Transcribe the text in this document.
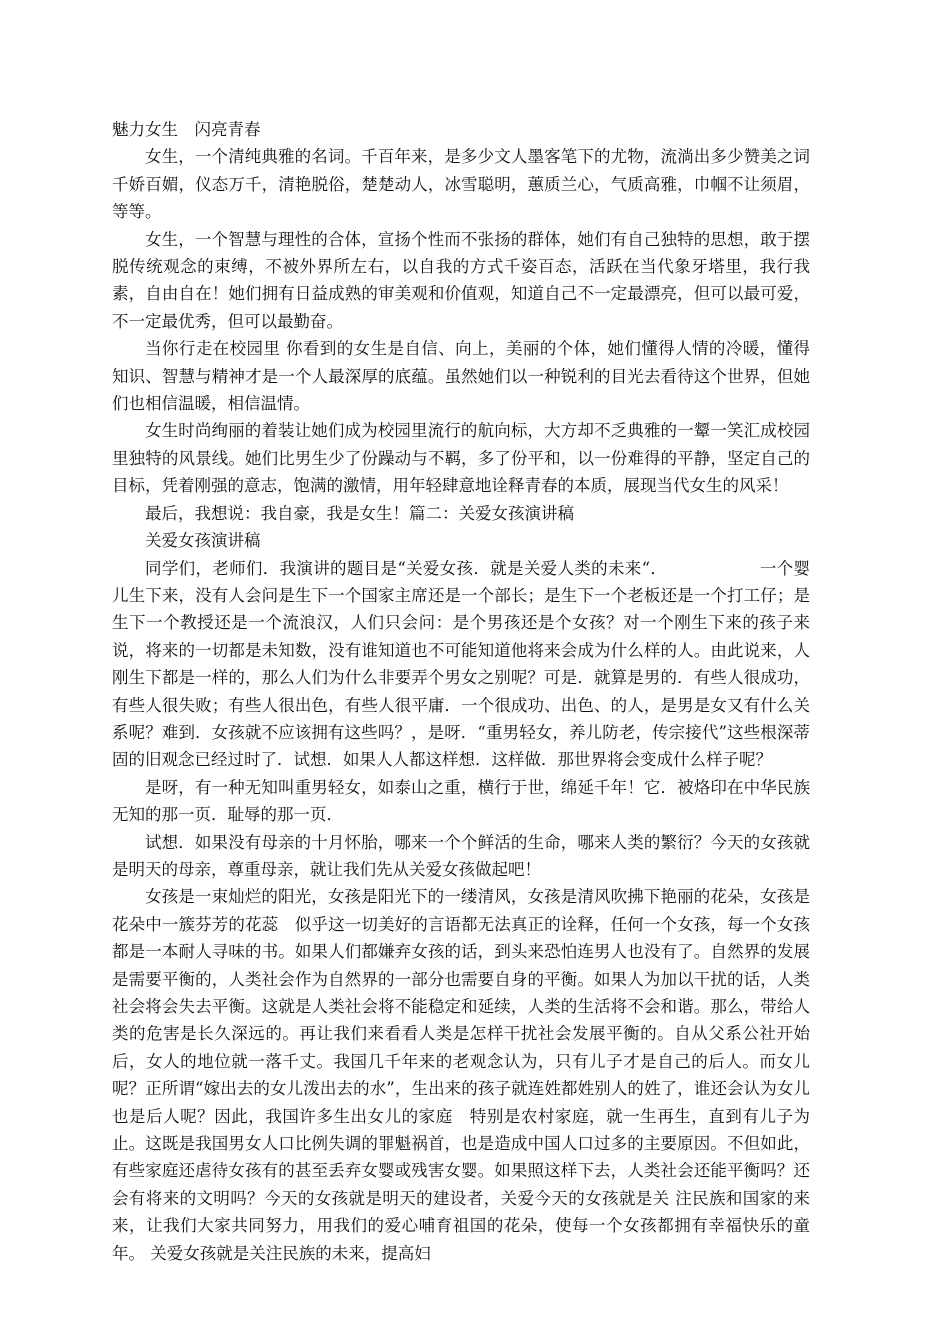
魅力女生　闪亮青春

女生，一个清纯典雅的名词。千百年来，是多少文人墨客笔下的尤物，流淌出多少赞美之词 千娇百媚，仪态万千，清艳脱俗，楚楚动人，冰雪聪明，蕙质兰心，气质高雅，巾帼不让须眉，等等。

女生，一个智慧与理性的合体，宣扬个性而不张扬的群体，她们有自己独特的思想，敢于摆脱传统观念的束缚，不被外界所左右，以自我的方式千姿百态，活跃在当代象牙塔里，我行我素，自由自在！她们拥有日益成熟的审美观和价值观，知道自己不一定最漂亮，但可以最可爱，不一定最优秀，但可以最勤奋。

当你行走在校园里 你看到的女生是自信、向上，美丽的个体，她们懂得人情的冷暖，懂得知识、智慧与精神才是一个人最深厚的底蕴。虽然她们以一种锐利的目光去看待这个世界，但她们也相信温暖，相信温情。

女生时尚绚丽的着装让她们成为校园里流行的航向标，大方却不乏典雅的一颦一笑汇成校园里独特的风景线。她们比男生少了份躁动与不羁，多了份平和，以一份难得的平静，坚定自己的目标，凭着刚强的意志，饱满的激情，用年轻肆意地诠释青春的本质，展现当代女生的风采！

最后，我想说：我自豪，我是女生！篇二：关爱女孩演讲稿

关爱女孩演讲稿

同学们，老师们．我演讲的题目是“关爱女孩．就是关爱人类的未来“．　　　　　　一个婴儿生下来，没有人会问是生下一个国家主席还是一个部长；是生下一个老板还是一个打工仔；是生下一个教授还是一个流浪汉，人们只会问：是个男孩还是个女孩？对一个刚生下来的孩子来说，将来的一切都是未知数，没有谁知道也不可能知道他将来会成为什么样的人。由此说来，人刚生下都是一样的，那么人们为什么非要弄个男女之别呢？可是．就算是男的．有些人很成功，有些人很失败；有些人很出色，有些人很平庸．一个很成功、出色、的人，是男是女又有什么关系呢？难到．女孩就不应该拥有这些吗？，是呀．“重男轻女，养儿防老，传宗接代”这些根深蒂固的旧观念已经过时了．试想．如果人人都这样想．这样做．那世界将会变成什么样子呢？

是呀，有一种无知叫重男轻女，如泰山之重，横行于世，绵延千年！它．被烙印在中华民族无知的那一页．耻辱的那一页．

试想．如果没有母亲的十月怀胎，哪来一个个鲜活的生命，哪来人类的繁衍？今天的女孩就是明天的母亲，尊重母亲，就让我们先从关爱女孩做起吧！

女孩是一束灿烂的阳光，女孩是阳光下的一缕清风，女孩是清风吹拂下艳丽的花朵，女孩是花朵中一簇芬芳的花蕊　似乎这一切美好的言语都无法真正的诠释，任何一个女孩，每一个女孩都是一本耐人寻味的书。如果人们都嫌弃女孩的话，到头来恐怕连男人也没有了。自然界的发展是需要平衡的，人类社会作为自然界的一部分也需要自身的平衡。如果人为加以干扰的话，人类社会将会失去平衡。这就是人类社会将不能稳定和延续，人类的生活将不会和谐。那么，带给人类的危害是长久深远的。再让我们来看看人类是怎样干扰社会发展平衡的。自从父系公社开始后，女人的地位就一落千丈。我国几千年来的老观念认为，只有儿子才是自己的后人。而女儿呢？正所谓“嫁出去的女儿泼出去的水”，生出来的孩子就连姓都姓别人的姓了，谁还会认为女儿也是后人呢？因此，我国许多生出女儿的家庭　特别是农村家庭，就一生再生，直到有儿子为止。这既是我国男女人口比例失调的罪魁祸首，也是造成中国人口过多的主要原因。不但如此，有些家庭还虐待女孩有的甚至丢弃女婴或残害女婴。如果照这样下去，人类社会还能平衡吗？还会有将来的文明吗？今天的女孩就是明天的建设者，关爱今天的女孩就是关 注民族和国家的来来，让我们大家共同努力，用我们的爱心哺育祖国的花朵，使每一个女孩都拥有幸福快乐的童年。 关爱女孩就是关注民族的未来，提高妇
